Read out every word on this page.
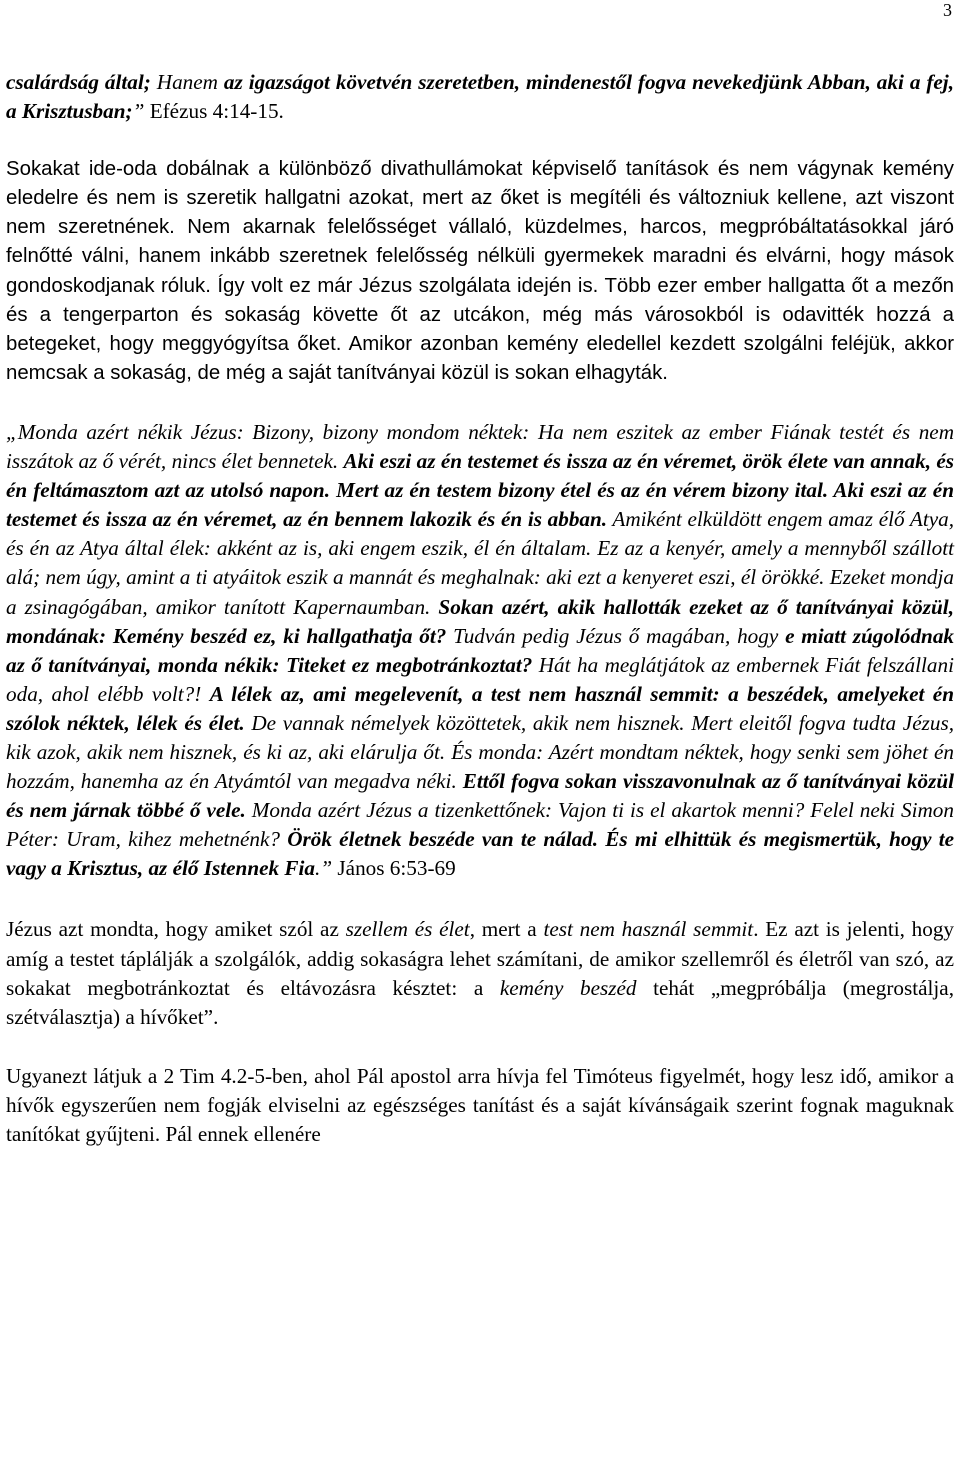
3

csalárdság által; Hanem az igazságot követvén szeretetben, mindenestől fogva nevekedjünk Abban, aki a fej, a Krisztusban;” Efézus 4:14-15.

Sokakat ide-oda dobálnak a különböző divathullámokat képviselő tanítások és nem vágynak kemény eledelre és nem is szeretik hallgatni azokat, mert az őket is megítéli és változniuk kellene, azt viszont nem szeretnének. Nem akarnak felelősséget vállaló, küzdelmes, harcos, megpróbáltatásokkal járó felnőtté válni, hanem inkább szeretnek felelősség nélküli gyermekek maradni és elvárni, hogy mások gondoskodjanak róluk. Így volt ez már Jézus szolgálata idején is. Több ezer ember hallgatta őt a mezőn és a tengerparton és sokaság követte őt az utcákon, még más városokból is odavitték hozzá a betegeket, hogy meggyógyítsa őket. Amikor azonban kemény eledellel kezdett szolgálni feléjük, akkor nemcsak a sokaság, de még a saját tanítványai közül is sokan elhagyták.

„Monda azért nékik Jézus: Bizony, bizony mondom néktek: Ha nem eszitek az ember Fiának testét és nem isszátok az ő vérét, nincs élet bennetek. Aki eszi az én testemet és issza az én véremet, örök élete van annak, és én feltámasztom azt az utolsó napon. Mert az én testem bizony étel és az én vérem bizony ital. Aki eszi az én testemet és issza az én véremet, az én bennem lakozik és én is abban. Amiként elküldött engem amaz élő Atya, és én az Atya által élek: akként az is, aki engem eszik, él én általam. Ez az a kenyér, amely a mennyből szállott alá; nem úgy, amint a ti atyáitok eszik a mannát és meghalnak: aki ezt a kenyeret eszi, él örökké. Ezeket mondja a zsinagógában, amikor tanított Kapernaumban. Sokan azért, akik hallották ezeket az ő tanítványai közül, mondának: Kemény beszéd ez, ki hallgathatja őt? Tudván pedig Jézus ő magában, hogy e miatt zúgolódnak az ő tanítványai, monda nékik: Titeket ez megbotránkoztat? Hát ha meglátjátok az embernek Fiát felszállani oda, ahol elébb volt?! A lélek az, ami megelevenít, a test nem használ semmit: a beszédek, amelyeket én szólok néktek, lélek és élet. De vannak némelyek közöttetek, akik nem hisznek. Mert eleitől fogva tudta Jézus, kik azok, akik nem hisznek, és ki az, aki elárulja őt. És monda: Azért mondtam néktek, hogy senki sem jöhet én hozzám, hanemha az én Atyámtól van megadva néki. Ettől fogva sokan visszavonulnak az ő tanítványai közül és nem járnak többé ő vele. Monda azért Jézus a tizenkettőnek: Vajon ti is el akartok menni? Felel neki Simon Péter: Uram, kihez mehetnénk? Örök életnek beszéde van te nálad. És mi elhittük és megismertük, hogy te vagy a Krisztus, az élő Istennek Fia.” János 6:53-69

Jézus azt mondta, hogy amiket szól az szellem és élet, mert a test nem használ semmit. Ez azt is jelenti, hogy amíg a testet táplálják a szolgálók, addig sokaságra lehet számítani, de amikor szellemről és életről van szó, az sokakat megbotránkoztat és eltávozásra késztet: a kemény beszéd tehát „megpróbálja (megrostálja, szétválasztja) a hívőket”.

Ugyanezt látjuk a 2 Tim 4.2-5-ben, ahol Pál apostol arra hívja fel Timóteus figyelmét, hogy lesz idő, amikor a hívők egyszerűen nem fogják elviselni az egészséges tanítást és a saját kívánságaik szerint fognak maguknak tanítókat gyűjteni. Pál ennek ellenére
